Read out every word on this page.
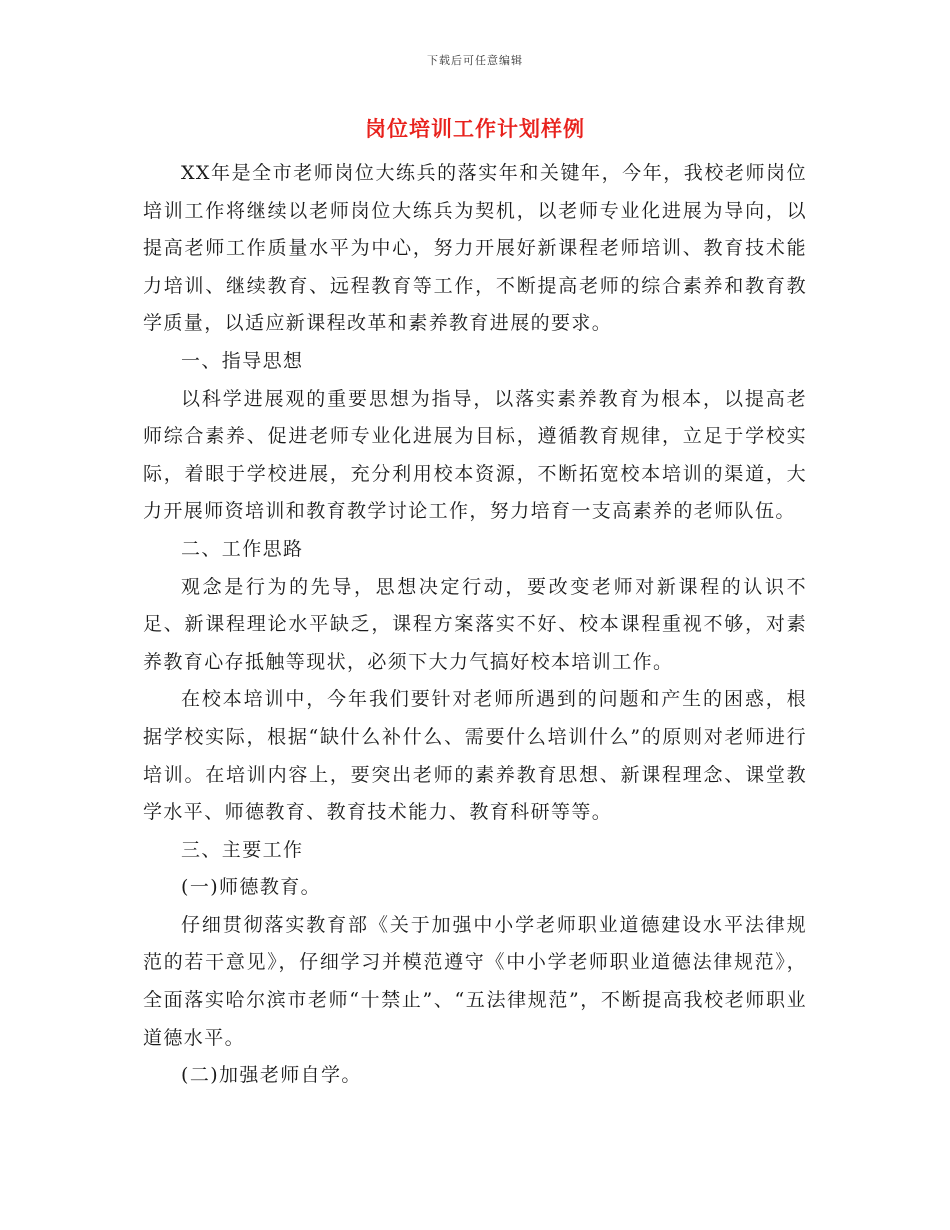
下载后可任意编辑
岗位培训工作计划样例

XX年是全市老师岗位大练兵的落实年和关键年，今年，我校老师岗位培训工作将继续以老师岗位大练兵为契机，以老师专业化进展为导向，以提高老师工作质量水平为中心，努力开展好新课程老师培训、教育技术能力培训、继续教育、远程教育等工作，不断提高老师的综合素养和教育教学质量，以适应新课程改革和素养教育进展的要求。

一、指导思想

以科学进展观的重要思想为指导，以落实素养教育为根本，以提高老师综合素养、促进老师专业化进展为目标，遵循教育规律，立足于学校实际，着眼于学校进展，充分利用校本资源，不断拓宽校本培训的渠道，大力开展师资培训和教育教学讨论工作，努力培育一支高素养的老师队伍。

二、工作思路

观念是行为的先导，思想决定行动，要改变老师对新课程的认识不足、新课程理论水平缺乏，课程方案落实不好、校本课程重视不够，对素养教育心存抵触等现状，必须下大力气搞好校本培训工作。

在校本培训中，今年我们要针对老师所遇到的问题和产生的困惑，根据学校实际，根据“缺什么补什么、需要什么培训什么”的原则对老师进行培训。在培训内容上，要突出老师的素养教育思想、新课程理念、课堂教学水平、师德教育、教育技术能力、教育科研等等。

三、主要工作

(一)师德教育。

仔细贯彻落实教育部《关于加强中小学老师职业道德建设水平法律规范的若干意见》，仔细学习并模范遵守《中小学老师职业道德法律规范》，全面落实哈尔滨市老师“十禁止”、“五法律规范”，不断提高我校老师职业道德水平。

(二)加强老师自学。
